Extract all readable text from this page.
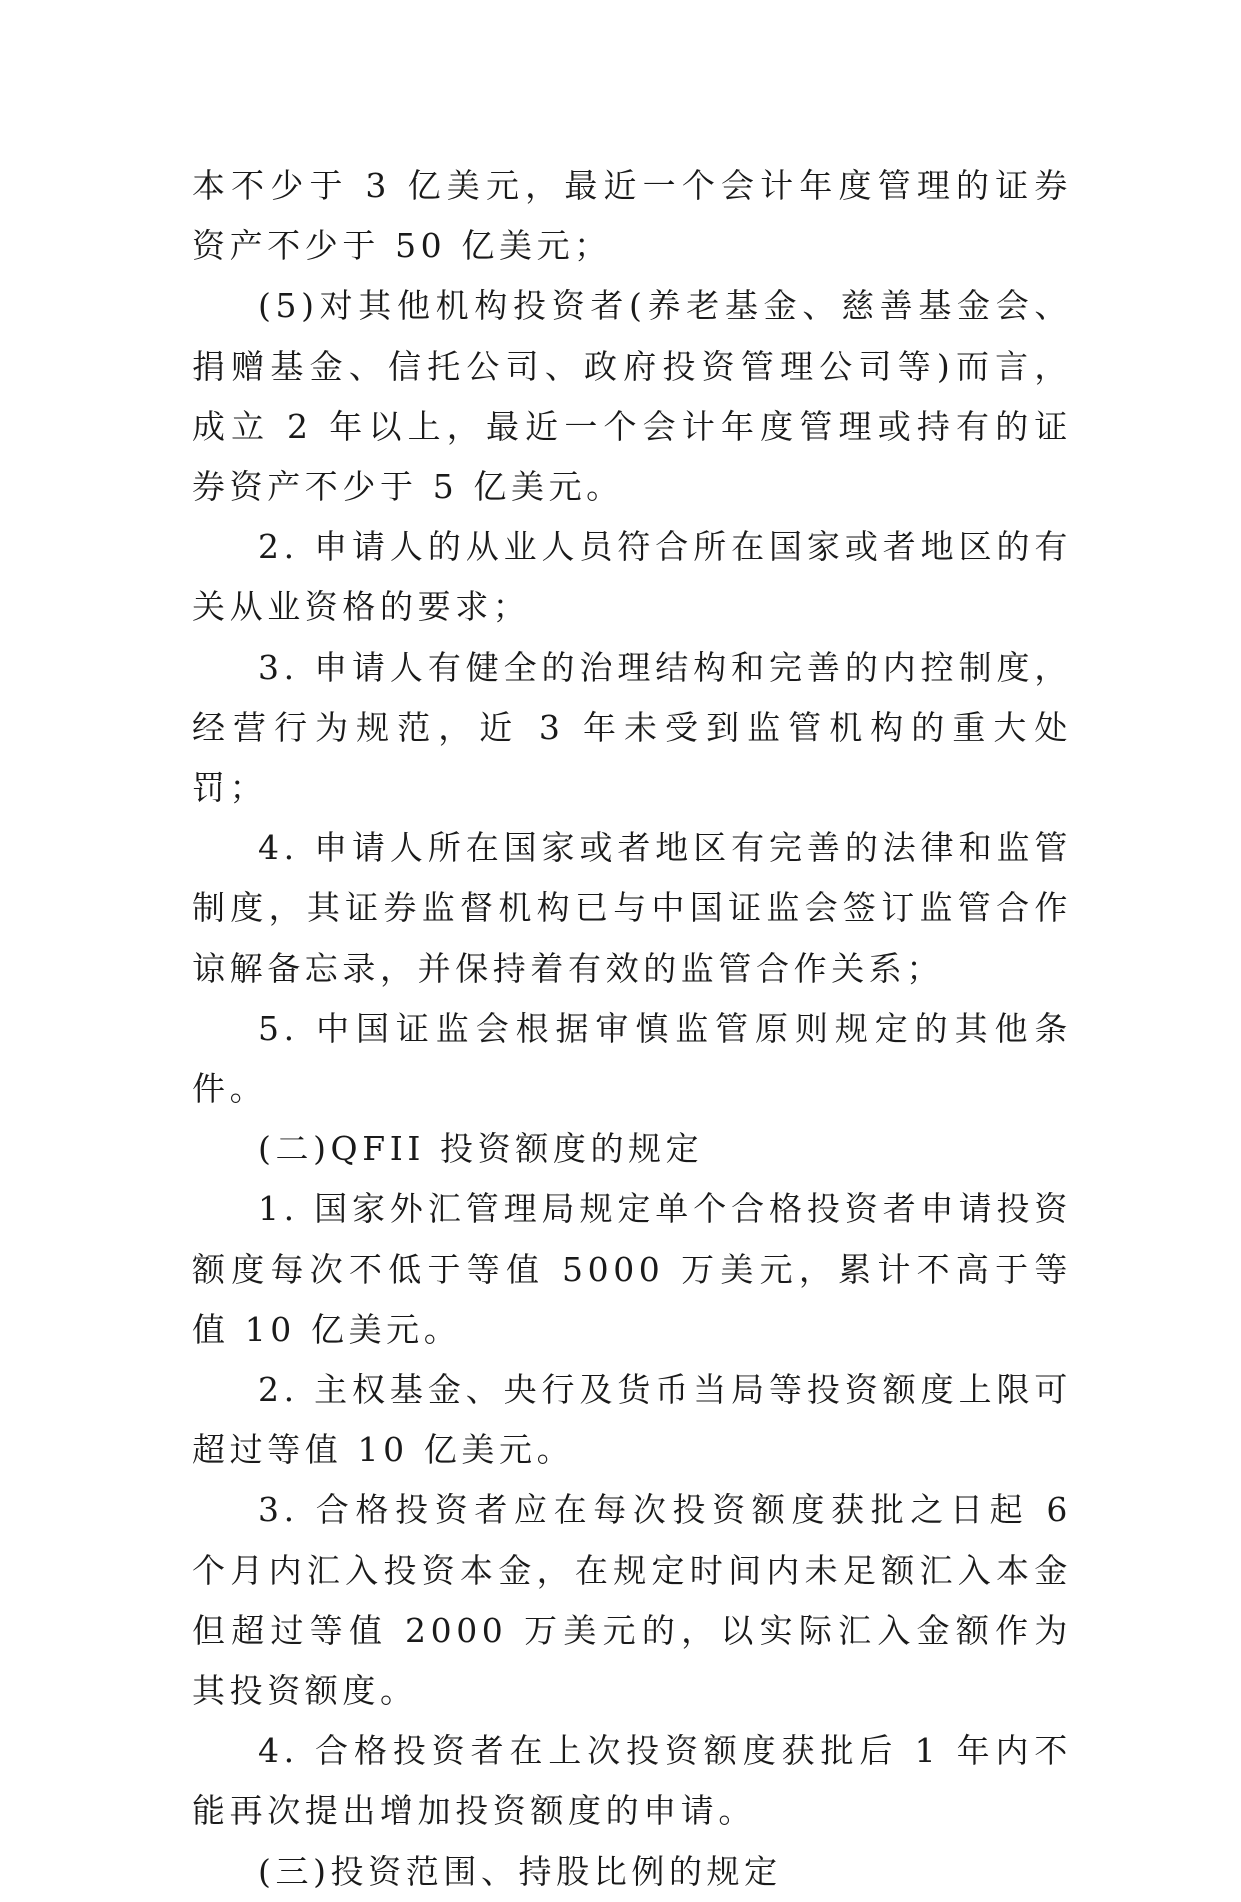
本不少于 3 亿美元，最近一个会计年度管理的证券资产不少于 50 亿美元；

(5)对其他机构投资者(养老基金、慈善基金会、捐赠基金、信托公司、政府投资管理公司等)而言，成立 2 年以上，最近一个会计年度管理或持有的证券资产不少于 5 亿美元。

2. 申请人的从业人员符合所在国家或者地区的有关从业资格的要求；

3. 申请人有健全的治理结构和完善的内控制度，经营行为规范，近 3 年未受到监管机构的重大处罚；

4. 申请人所在国家或者地区有完善的法律和监管制度，其证券监督机构已与中国证监会签订监管合作谅解备忘录，并保持着有效的监管合作关系；

5. 中国证监会根据审慎监管原则规定的其他条件。

(二)QFII 投资额度的规定

1. 国家外汇管理局规定单个合格投资者申请投资额度每次不低于等值 5000 万美元，累计不高于等值 10 亿美元。

2. 主权基金、央行及货币当局等投资额度上限可超过等值 10 亿美元。

3. 合格投资者应在每次投资额度获批之日起 6 个月内汇入投资本金，在规定时间内未足额汇入本金但超过等值 2000 万美元的，以实际汇入金额作为其投资额度。

4. 合格投资者在上次投资额度获批后 1 年内不能再次提出增加投资额度的申请。

(三)投资范围、持股比例的规定
